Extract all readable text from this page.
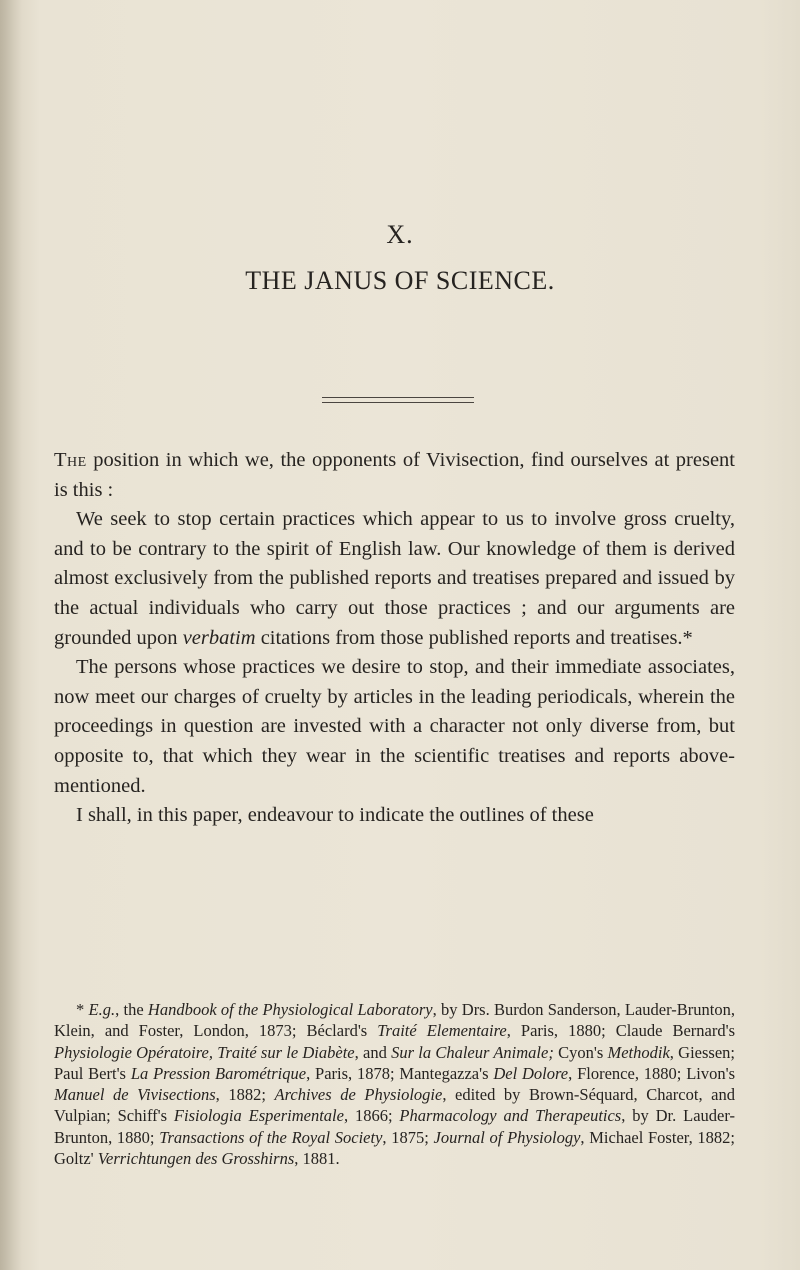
X.
THE JANUS OF SCIENCE.

The position in which we, the opponents of Vivisection, find ourselves at present is this :

We seek to stop certain practices which appear to us to involve gross cruelty, and to be contrary to the spirit of English law. Our knowledge of them is derived almost exclusively from the published reports and treatises prepared and issued by the actual individuals who carry out those practices ; and our arguments are grounded upon verbatim citations from those published reports and treatises.*

The persons whose practices we desire to stop, and their immediate associates, now meet our charges of cruelty by articles in the leading periodicals, wherein the proceedings in question are invested with a character not only diverse from, but opposite to, that which they wear in the scientific treatises and reports above-mentioned.

I shall, in this paper, endeavour to indicate the outlines of these

* E.g., the Handbook of the Physiological Laboratory, by Drs. Burdon Sanderson, Lauder-Brunton, Klein, and Foster, London, 1873; Béclard's Traité Elementaire, Paris, 1880; Claude Bernard's Physiologie Opératoire, Traité sur le Diabète, and Sur la Chaleur Animale; Cyon's Methodik, Giessen; Paul Bert's La Pression Barométrique, Paris, 1878; Mantegazza's Del Dolore, Florence, 1880; Livon's Manuel de Vivisections, 1882; Archives de Physiologie, edited by Brown-Séquard, Charcot, and Vulpian; Schiff's Fisiologia Esperimentale, 1866; Pharmacology and Therapeutics, by Dr. Lauder-Brunton, 1880; Transactions of the Royal Society, 1875; Journal of Physiology, Michael Foster, 1882; Goltz' Verrichtungen des Grosshirns, 1881.
